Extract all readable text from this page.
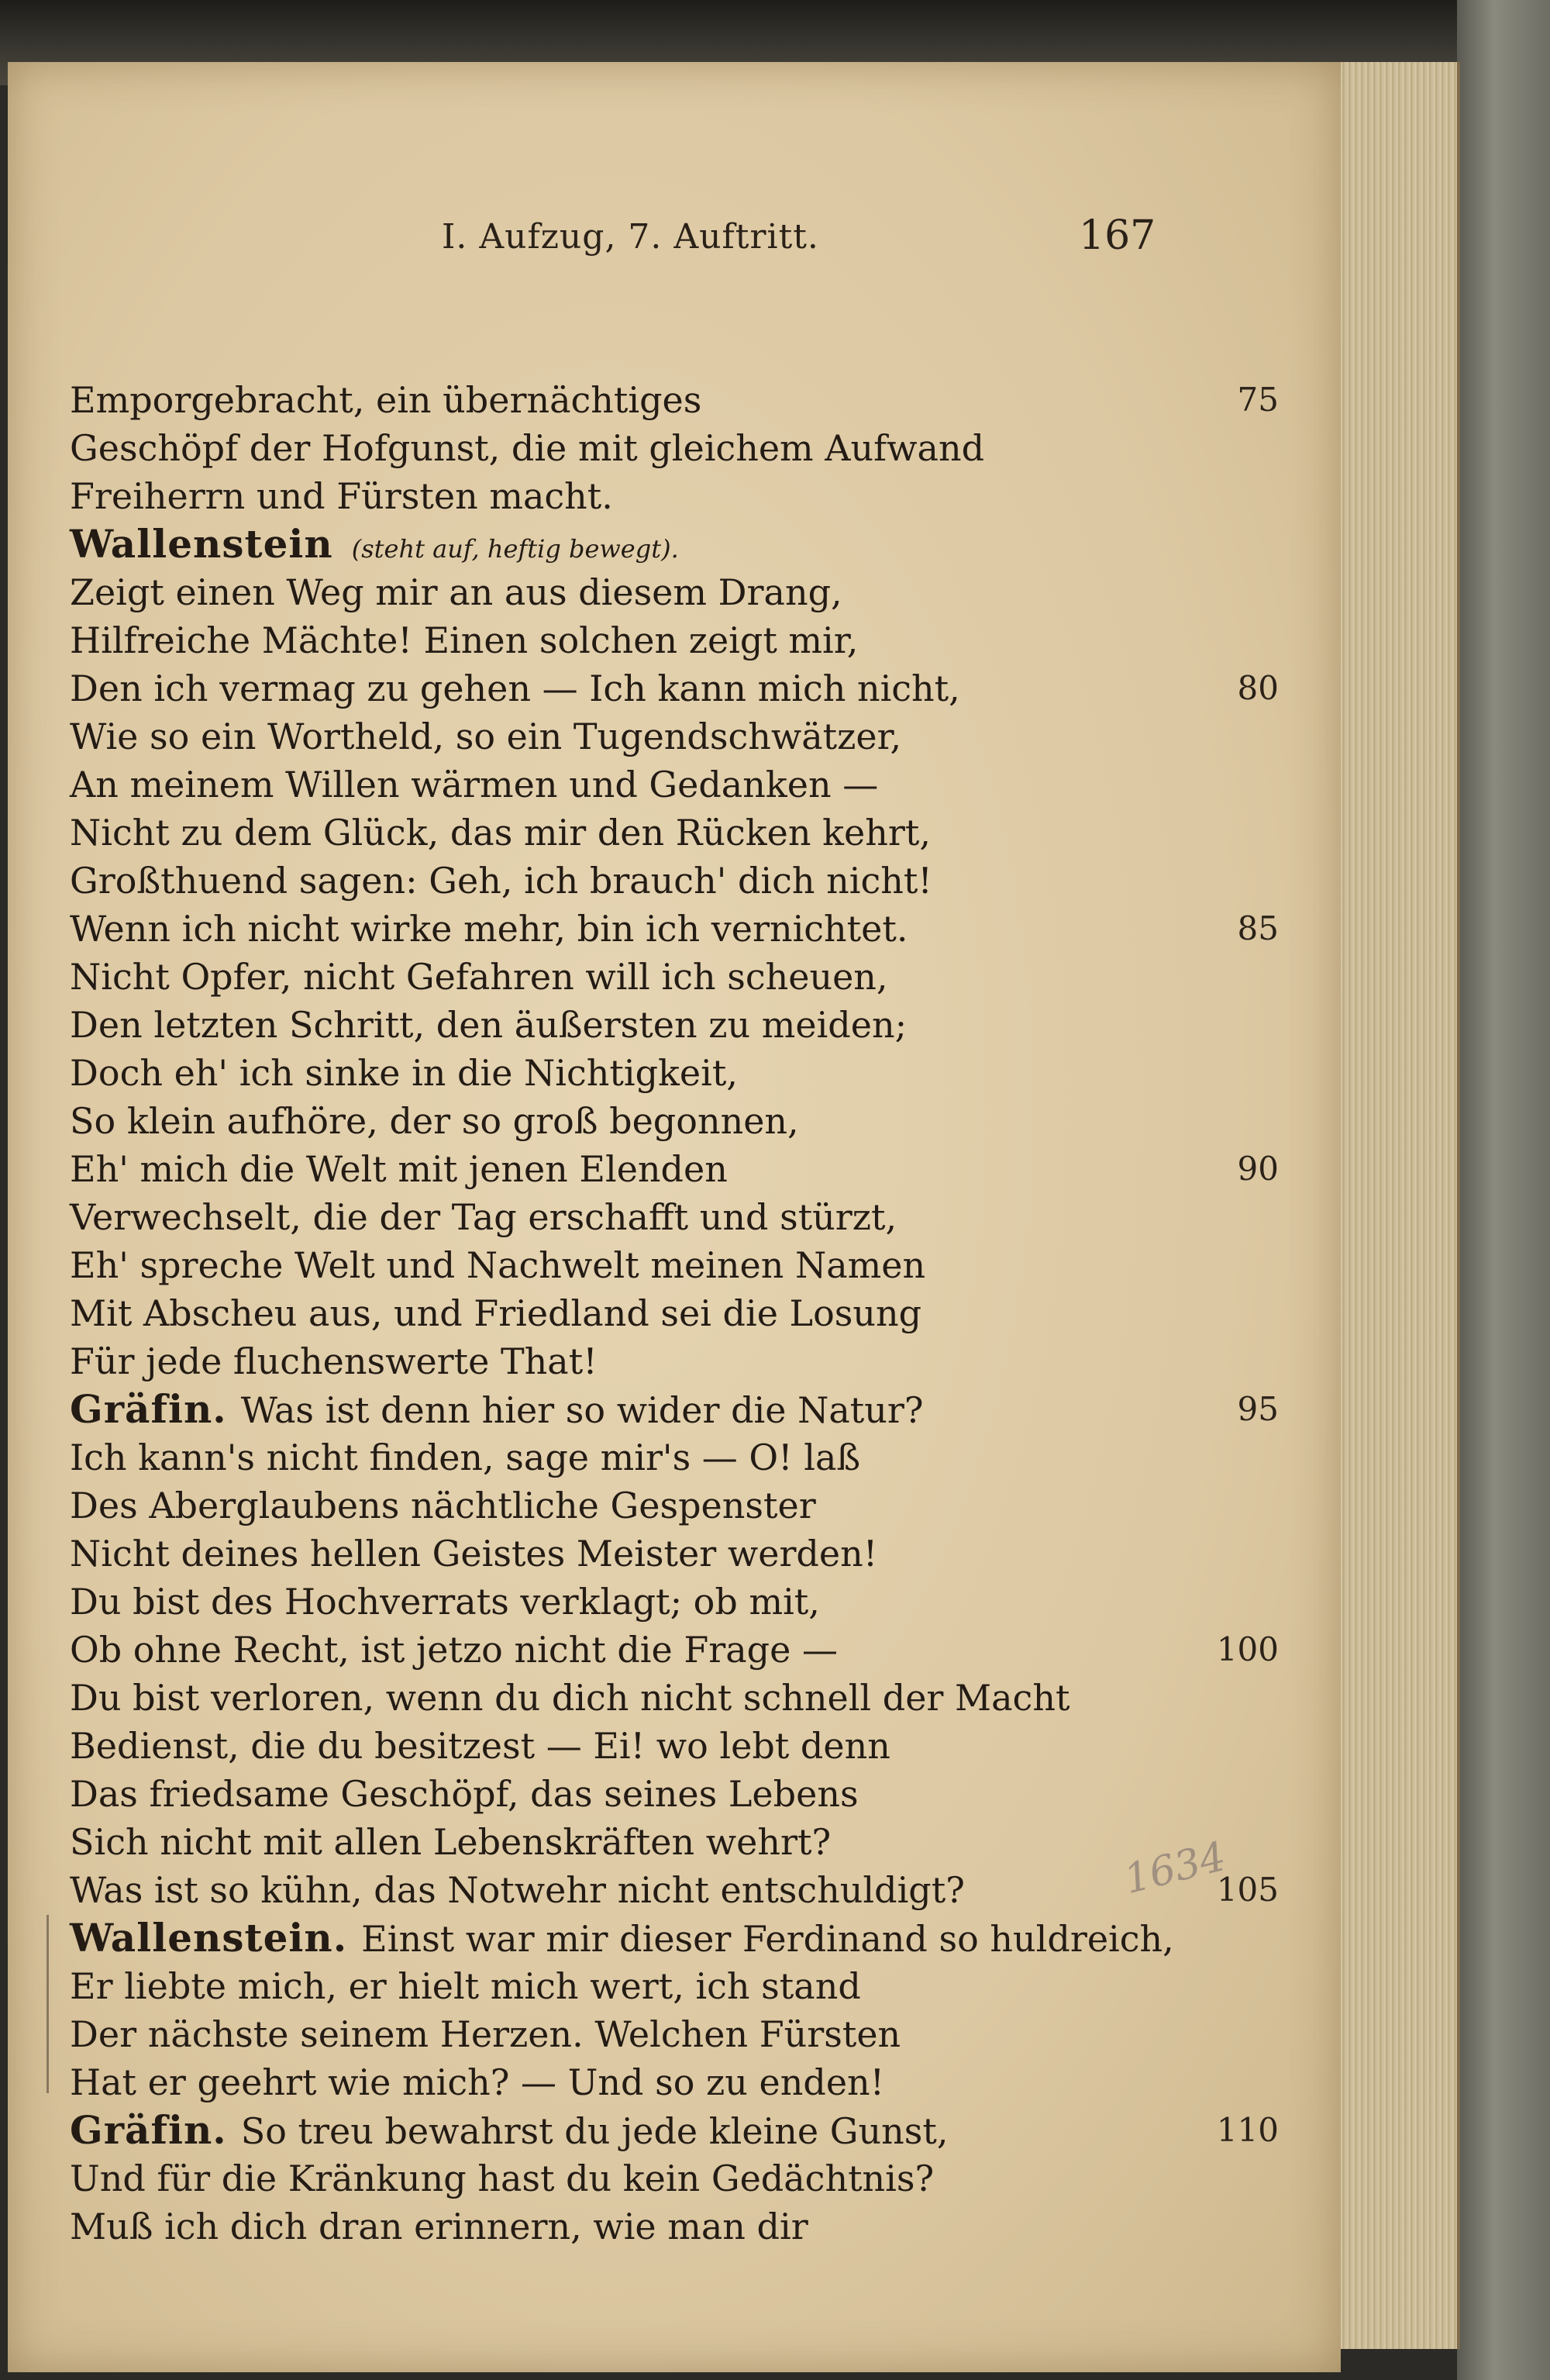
I. Aufzug, 7. Auftritt.	167
1634
Emporgebracht, ein übernächtiges	75
Geschöpf der Hofgunst, die mit gleichem Aufwand
Freiherrn und Fürsten macht.
Wallenstein (steht auf, heftig bewegt).
Zeigt einen Weg mir an aus diesem Drang,
Hilfreiche Mächte! Einen solchen zeigt mir,
Den ich vermag zu gehen — Ich kann mich nicht,	80
Wie so ein Wortheld, so ein Tugendschwätzer,
An meinem Willen wärmen und Gedanken —
Nicht zu dem Glück, das mir den Rücken kehrt,
Großthuend sagen: Geh, ich brauch' dich nicht!
Wenn ich nicht wirke mehr, bin ich vernichtet.	85
Nicht Opfer, nicht Gefahren will ich scheuen,
Den letzten Schritt, den äußersten zu meiden;
Doch eh' ich sinke in die Nichtigkeit,
So klein aufhöre, der so groß begonnen,
Eh' mich die Welt mit jenen Elenden	90
Verwechselt, die der Tag erschafft und stürzt,
Eh' spreche Welt und Nachwelt meinen Namen
Mit Abscheu aus, und Friedland sei die Losung
Für jede fluchenswerte That!
Gräfin. Was ist denn hier so wider die Natur?	95
Ich kann's nicht finden, sage mir's — O! laß
Des Aberglaubens nächtliche Gespenster
Nicht deines hellen Geistes Meister werden!
Du bist des Hochverrats verklagt; ob mit,
Ob ohne Recht, ist jetzo nicht die Frage —	100
Du bist verloren, wenn du dich nicht schnell der Macht
Bedienst, die du besitzest — Ei! wo lebt denn
Das friedsame Geschöpf, das seines Lebens
Sich nicht mit allen Lebenskräften wehrt?
Was ist so kühn, das Notwehr nicht entschuldigt?	105
Wallenstein. Einst war mir dieser Ferdinand so huldreich,
Er liebte mich, er hielt mich wert, ich stand
Der nächste seinem Herzen. Welchen Fürsten
Hat er geehrt wie mich? — Und so zu enden!
Gräfin. So treu bewahrst du jede kleine Gunst,	110
Und für die Kränkung hast du kein Gedächtnis?
Muß ich dich dran erinnern, wie man dir
